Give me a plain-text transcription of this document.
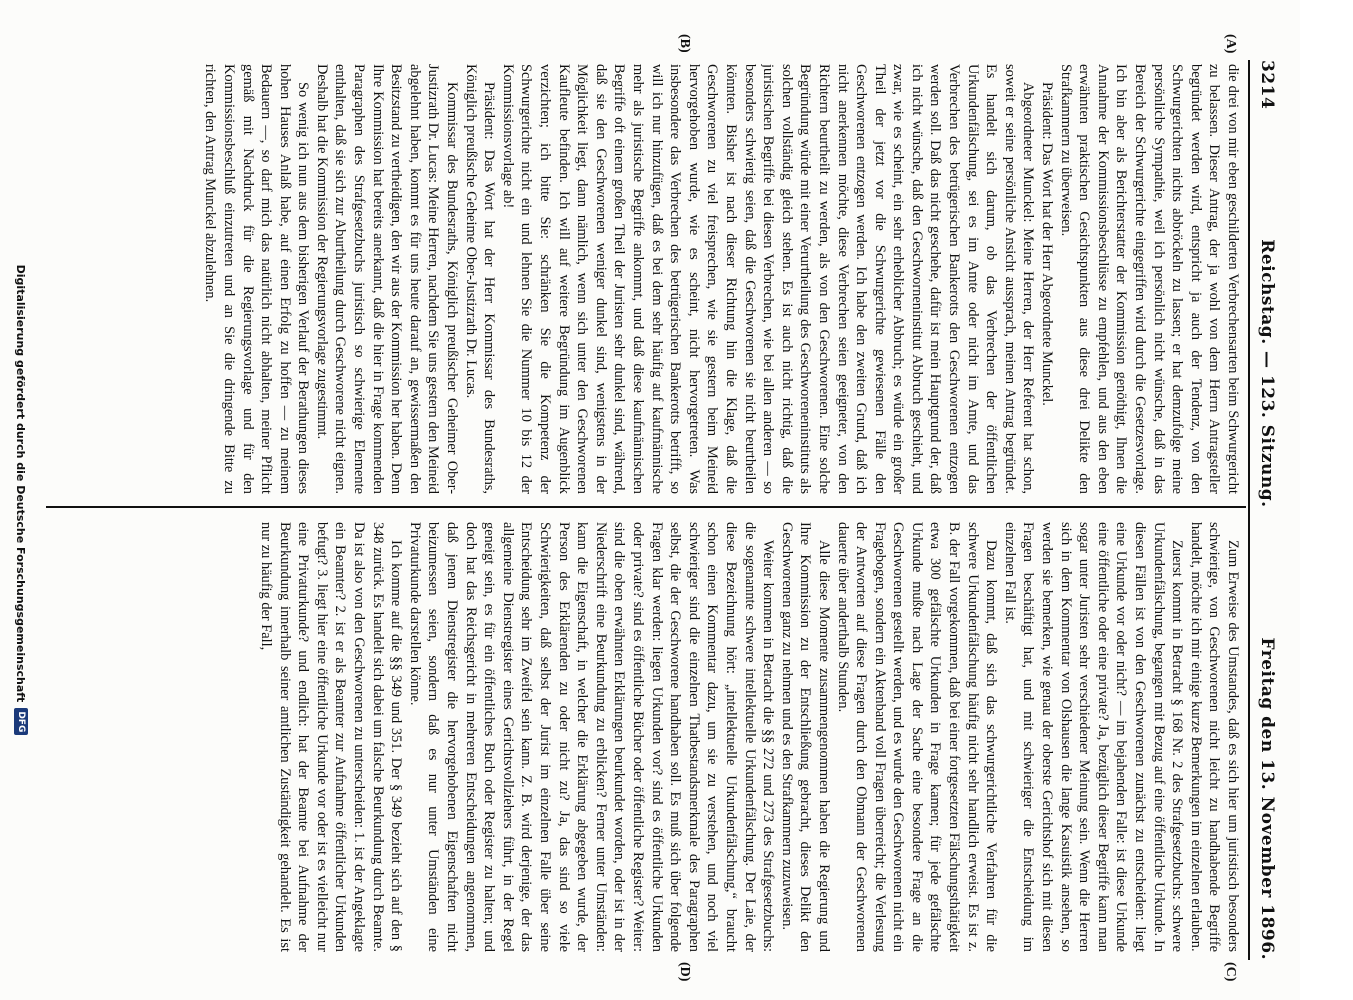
3214
Reichstag. — 123. Sitzung.
Freitag den 13. November 1896.
(A)
(B)
(C)
(D)

die drei von mir eben geschilderten Verbrechensarten beim Schwurgericht zu belassen. Dieser Antrag, der ja wohl von dem Herrn Antragsteller begründet werden wird, entspricht ja auch der Tendenz, von den Schwurgerichten nichts abbröckeln zu lassen; er hat demzufolge meine persönliche Sympathie, weil ich persönlich nicht wünsche, daß in das Bereich der Schwurgerichte eingegriffen wird durch die Gesetzesvorlage. Ich bin aber als Berichterstatter der Kommission genöthigt, Ihnen die Annahme der Kommissionsbeschlüsse zu empfehlen, und aus den eben erwähnten praktischen Gesichtspunkten aus diese drei Delikte den Strafkammern zu überweisen.

Präsident: Das Wort hat der Herr Abgeordnete Munckel.

Abgeordneter Munckel: Meine Herren, der Herr Referent hat schon, soweit er seine persönliche Ansicht aussprach, meinen Antrag begründet. Es handelt sich darum, ob das Verbrechen der öffentlichen Urkundenfälschung, sei es im Amte oder nicht im Amte, und das Verbrechen des betrügerischen Bankerotts den Geschworenen entzogen werden soll. Daß das nicht geschehe, dafür ist mein Hauptgrund der, daß ich nicht wünsche, daß den Geschworneninstitut Abbruch geschieht, und zwar, wie es scheint, ein sehr erheblicher Abbruch; es würde ein großer Theil der jetzt vor die Schwurgerichte gewiesenen Fälle den Geschworenen entzogen werden. Ich habe den zweiten Grund, daß ich nicht anerkennen möchte, diese Verbrechen seien geeigneter, von den Richtern beurtheilt zu werden, als von den Geschworenen. Eine solche Begründung würde mit einer Verurtheilung des Geschworeneninstituts als solchen vollständig gleich stehen. Es ist auch nicht richtig, daß die juristischen Begriffe bei diesen Verbrechen, wie bei allen anderen — so besonders schwierig seien, daß die Geschworenen sie nicht beurtheilen könnten. Bisher ist nach dieser Richtung hin die Klage, daß die Geschworenen zu viel freisprechen, wie sie gestern beim Meineid hervorgehoben wurde, wie es scheint, nicht hervorgetreten. Was insbesondere das Verbrechen des betrügerischen Bankerotts betrifft, so will ich nur hinzufügen, daß es bei dem sehr häufig auf kaufmännische mehr als juristische Begriffe ankommt, und daß diese kaufmännischen Begriffe oft einem großen Theil der Juristen sehr dunkel sind, während, daß sie den Geschworenen weniger dunkel sind, wenigstens in der Möglichkeit liegt, dann nämlich, wenn sich unter den Geschworenen Kaufleute befinden. Ich will auf weitere Begründung im Augenblick verzichten; ich bitte Sie: schränken Sie die Kompetenz der Schwurgerichte nicht ein und lehnen Sie die Nummer 10 bis 12 der Kommissionsvorlage ab!

Präsident: Das Wort hat der Herr Kommissar des Bundesraths, Königlich preußische Geheime Ober-Justizrath Dr. Lucas.

Kommissar des Bundesraths, Königlich preußischer Geheimer Ober-Justizrath Dr. Lucas: Meine Herren, nachdem Sie uns gestern den Meineid abgelehnt haben, kommt es für uns heute darauf an, gewissermaßen den Besitzstand zu vertheidigen, den wir aus der Kommission her haben. Denn Ihre Kommission hat bereits anerkannt, daß die hier in Frage kommenden Paragraphen des Strafgesetzbuchs juristisch so schwierige Elemente enthalten, daß sie sich zur Aburtheilung durch Geschworene nicht eignen. Deshalb hat die Kommission der Regierungsvorlage zugestimmt.

So wenig ich nun aus dem bisherigen Verlauf der Berathungen dieses hohen Hauses Anlaß habe, auf einen Erfolg zu hoffen — zu meinem Bedauern —, so darf mich das natürlich nicht abhalten, meiner Pflicht gemäß mit Nachdruck für die Regierungsvorlage und für den Kommissionsbeschluß einzutreten und an Sie die dringende Bitte zu richten, den Antrag Munckel abzulehnen.

Zum Erweise des Umstandes, daß es sich hier um juristisch besonders schwierige, von Geschworenen nicht leicht zu handhabende Begriffe handelt, möchte ich mir einige kurze Bemerkungen im einzelnen erlauben.

Zuerst kommt in Betracht § 168 Nr. 2 des Strafgesetzbuchs: schwere Urkundenfälschung, begangen mit Bezug auf eine öffentliche Urkunde. In diesen Fällen ist von den Geschworenen zunächst zu entscheiden: liegt eine Urkunde vor oder nicht? — im bejahenden Falle: ist diese Urkunde eine öffentliche oder eine private? Ja, bezüglich dieser Begriffe kann man sogar unter Juristen sehr verschiedener Meinung sein. Wenn die Herren sich in dem Kommentar von Olshausen die lange Kasuistik ansehen, so werden sie bemerken, wie genau der oberste Gerichtshof sich mit diesen Fragen beschäftigt hat, und mit schwieriger die Entscheidung im einzelnen Fall ist.

Dazu kommt, daß sich das schwurgerichtliche Verfahren für die schwere Urkundenfälschung häufig nicht sehr handlich erweist. Es ist z. B. der Fall vorgekommen, daß bei einer fortgesetzten Fälschungsthätigkeit etwa 300 gefälschte Urkunden in Frage kamen; für jede gefälschte Urkunde mußte nach Lage der Sache eine besondere Frage an die Geschworenen gestellt werden, und es wurde den Geschworenen nicht ein Fragebogen, sondern ein Aktenband voll Fragen überreicht; die Verlesung der Antworten auf diese Fragen durch den Obmann der Geschworenen dauerte über anderthalb Stunden.

Alle diese Momente zusammengenommen haben die Regierung und Ihre Kommission zu der Entschließung gebracht, dieses Delikt den Geschworenen ganz zu nehmen und es den Strafkammern zuzuweisen.

Weiter kommen in Betracht die §§ 272 und 273 des Strafgesetzbuchs: die sogenannte schwere intellektuelle Urkundenfälschung. Der Laie, der diese Bezeichnung hört: „intellektuelle Urkundenfälschung,“ braucht schon einen Kommentar dazu, um sie zu verstehen, und noch viel schwieriger sind die einzelnen Thatbestandsmerkmale des Paragraphen selbst, die der Geschworene handhaben soll. Es muß sich über folgende Fragen klar werden: liegen Urkunden vor? sind es öffentliche Urkunden oder private? sind es öffentliche Bücher oder öffentliche Register? Weiter: sind die oben erwähnten Erklärungen beurkundet worden, oder ist in der Niederschrift eine Beurkundung zu erblicken? Ferner unter Umständen: kann die Eigenschaft, in welcher die Erklärung abgegeben wurde, der Person des Erklärenden zu oder nicht zu? Ja, das sind so viele Schwierigkeiten, daß selbst der Jurist im einzelnen Falle über seine Entscheidung sehr im Zweifel sein kann. Z. B. wird derjenige, der das allgemeine Dienstregister eines Gerichtsvollziehers führt, in der Regel geneigt sein, es für ein öffentliches Buch oder Register zu halten; und doch hat das Reichsgericht in mehreren Entscheidungen angenommen, daß jenem Dienstregister die hervorgehobenen Eigenschaften nicht beizumessen seien, sondern daß es nur unter Umständen eine Privaturkunde darstellen könne.

Ich komme auf die §§ 349 und 351. Der § 349 bezieht sich auf den § 348 zurück. Es handelt sich dabei um falsche Beurkundung durch Beamte. Da ist also von den Geschworenen zu unterscheiden: 1. ist der Angeklagte ein Beamter? 2. ist er als Beamter zur Aufnahme öffentlicher Urkunden befugt? 3. liegt hier eine öffentliche Urkunde vor oder ist es vielleicht nur eine Privaturkunde? und endlich: hat der Beamte bei Aufnahme der Beurkundung innerhalb seiner amtlichen Zuständigkeit gehandelt. Es ist nur zu häufig der Fall,

Digitalisierung gefördert durch die Deutsche Forschungsgemeinschaft
DFG
